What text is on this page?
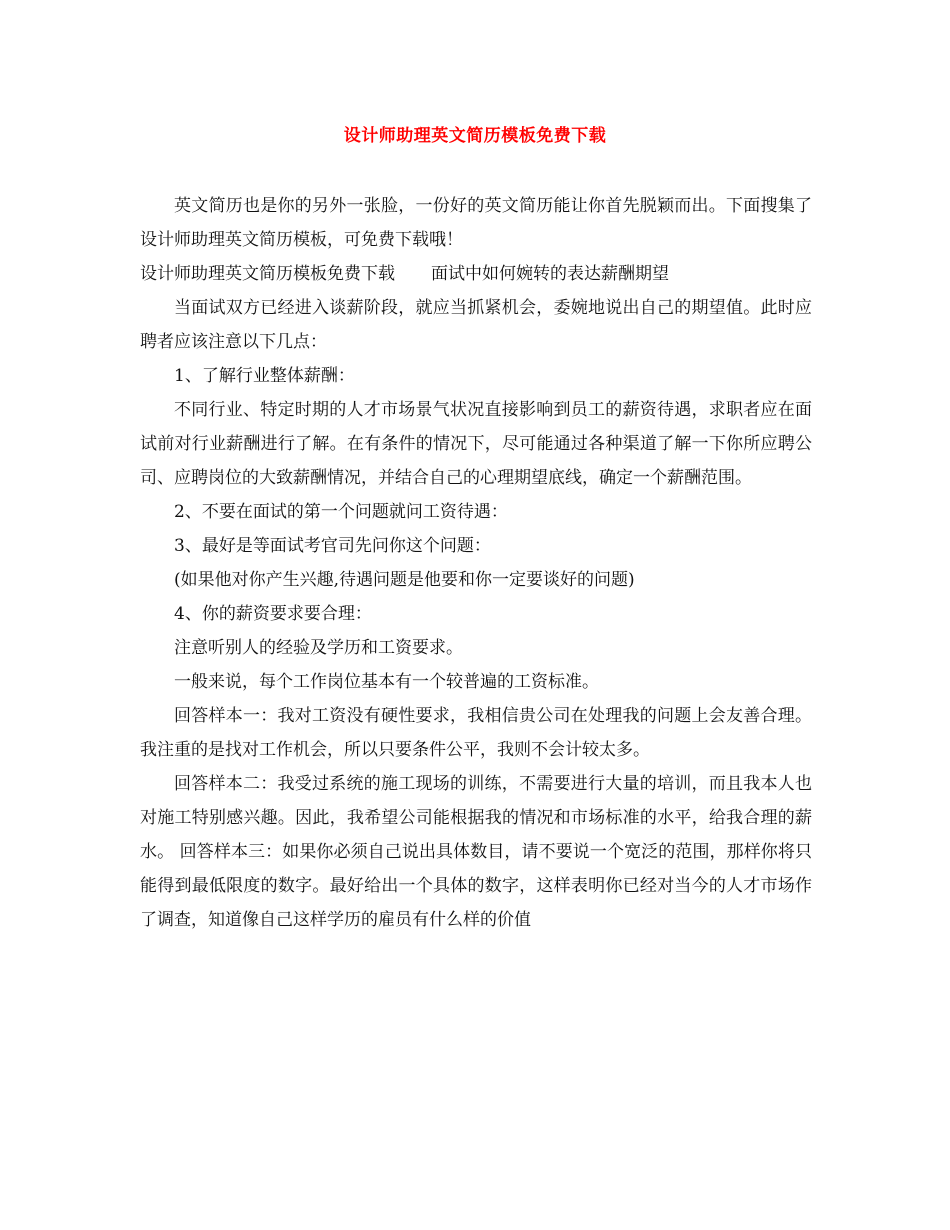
设计师助理英文简历模板免费下载

英文简历也是你的另外一张脸，一份好的英文简历能让你首先脱颖而出。下面搜集了设计师助理英文简历模板，可免费下载哦！

设计师助理英文简历模板免费下载 面试中如何婉转的表达薪酬期望

当面试双方已经进入谈薪阶段，就应当抓紧机会，委婉地说出自己的期望值。此时应聘者应该注意以下几点：

1、了解行业整体薪酬：

不同行业、特定时期的人才市场景气状况直接影响到员工的薪资待遇，求职者应在面试前对行业薪酬进行了解。在有条件的情况下，尽可能通过各种渠道了解一下你所应聘公司、应聘岗位的大致薪酬情况，并结合自己的心理期望底线，确定一个薪酬范围。

2、不要在面试的第一个问题就问工资待遇：

3、最好是等面试考官司先问你这个问题：

(如果他对你产生兴趣,待遇问题是他要和你一定要谈好的问题)

4、你的薪资要求要合理：

注意听别人的经验及学历和工资要求。

一般来说，每个工作岗位基本有一个较普遍的工资标准。

回答样本一：我对工资没有硬性要求，我相信贵公司在处理我的问题上会友善合理。我注重的是找对工作机会，所以只要条件公平，我则不会计较太多。

回答样本二：我受过系统的施工现场的训练，不需要进行大量的培训，而且我本人也对施工特别感兴趣。因此，我希望公司能根据我的情况和市场标准的水平，给我合理的薪水。 回答样本三：如果你必须自己说出具体数目，请不要说一个宽泛的范围，那样你将只能得到最低限度的数字。最好给出一个具体的数字，这样表明你已经对当今的人才市场作了调查，知道像自己这样学历的雇员有什么样的价值
